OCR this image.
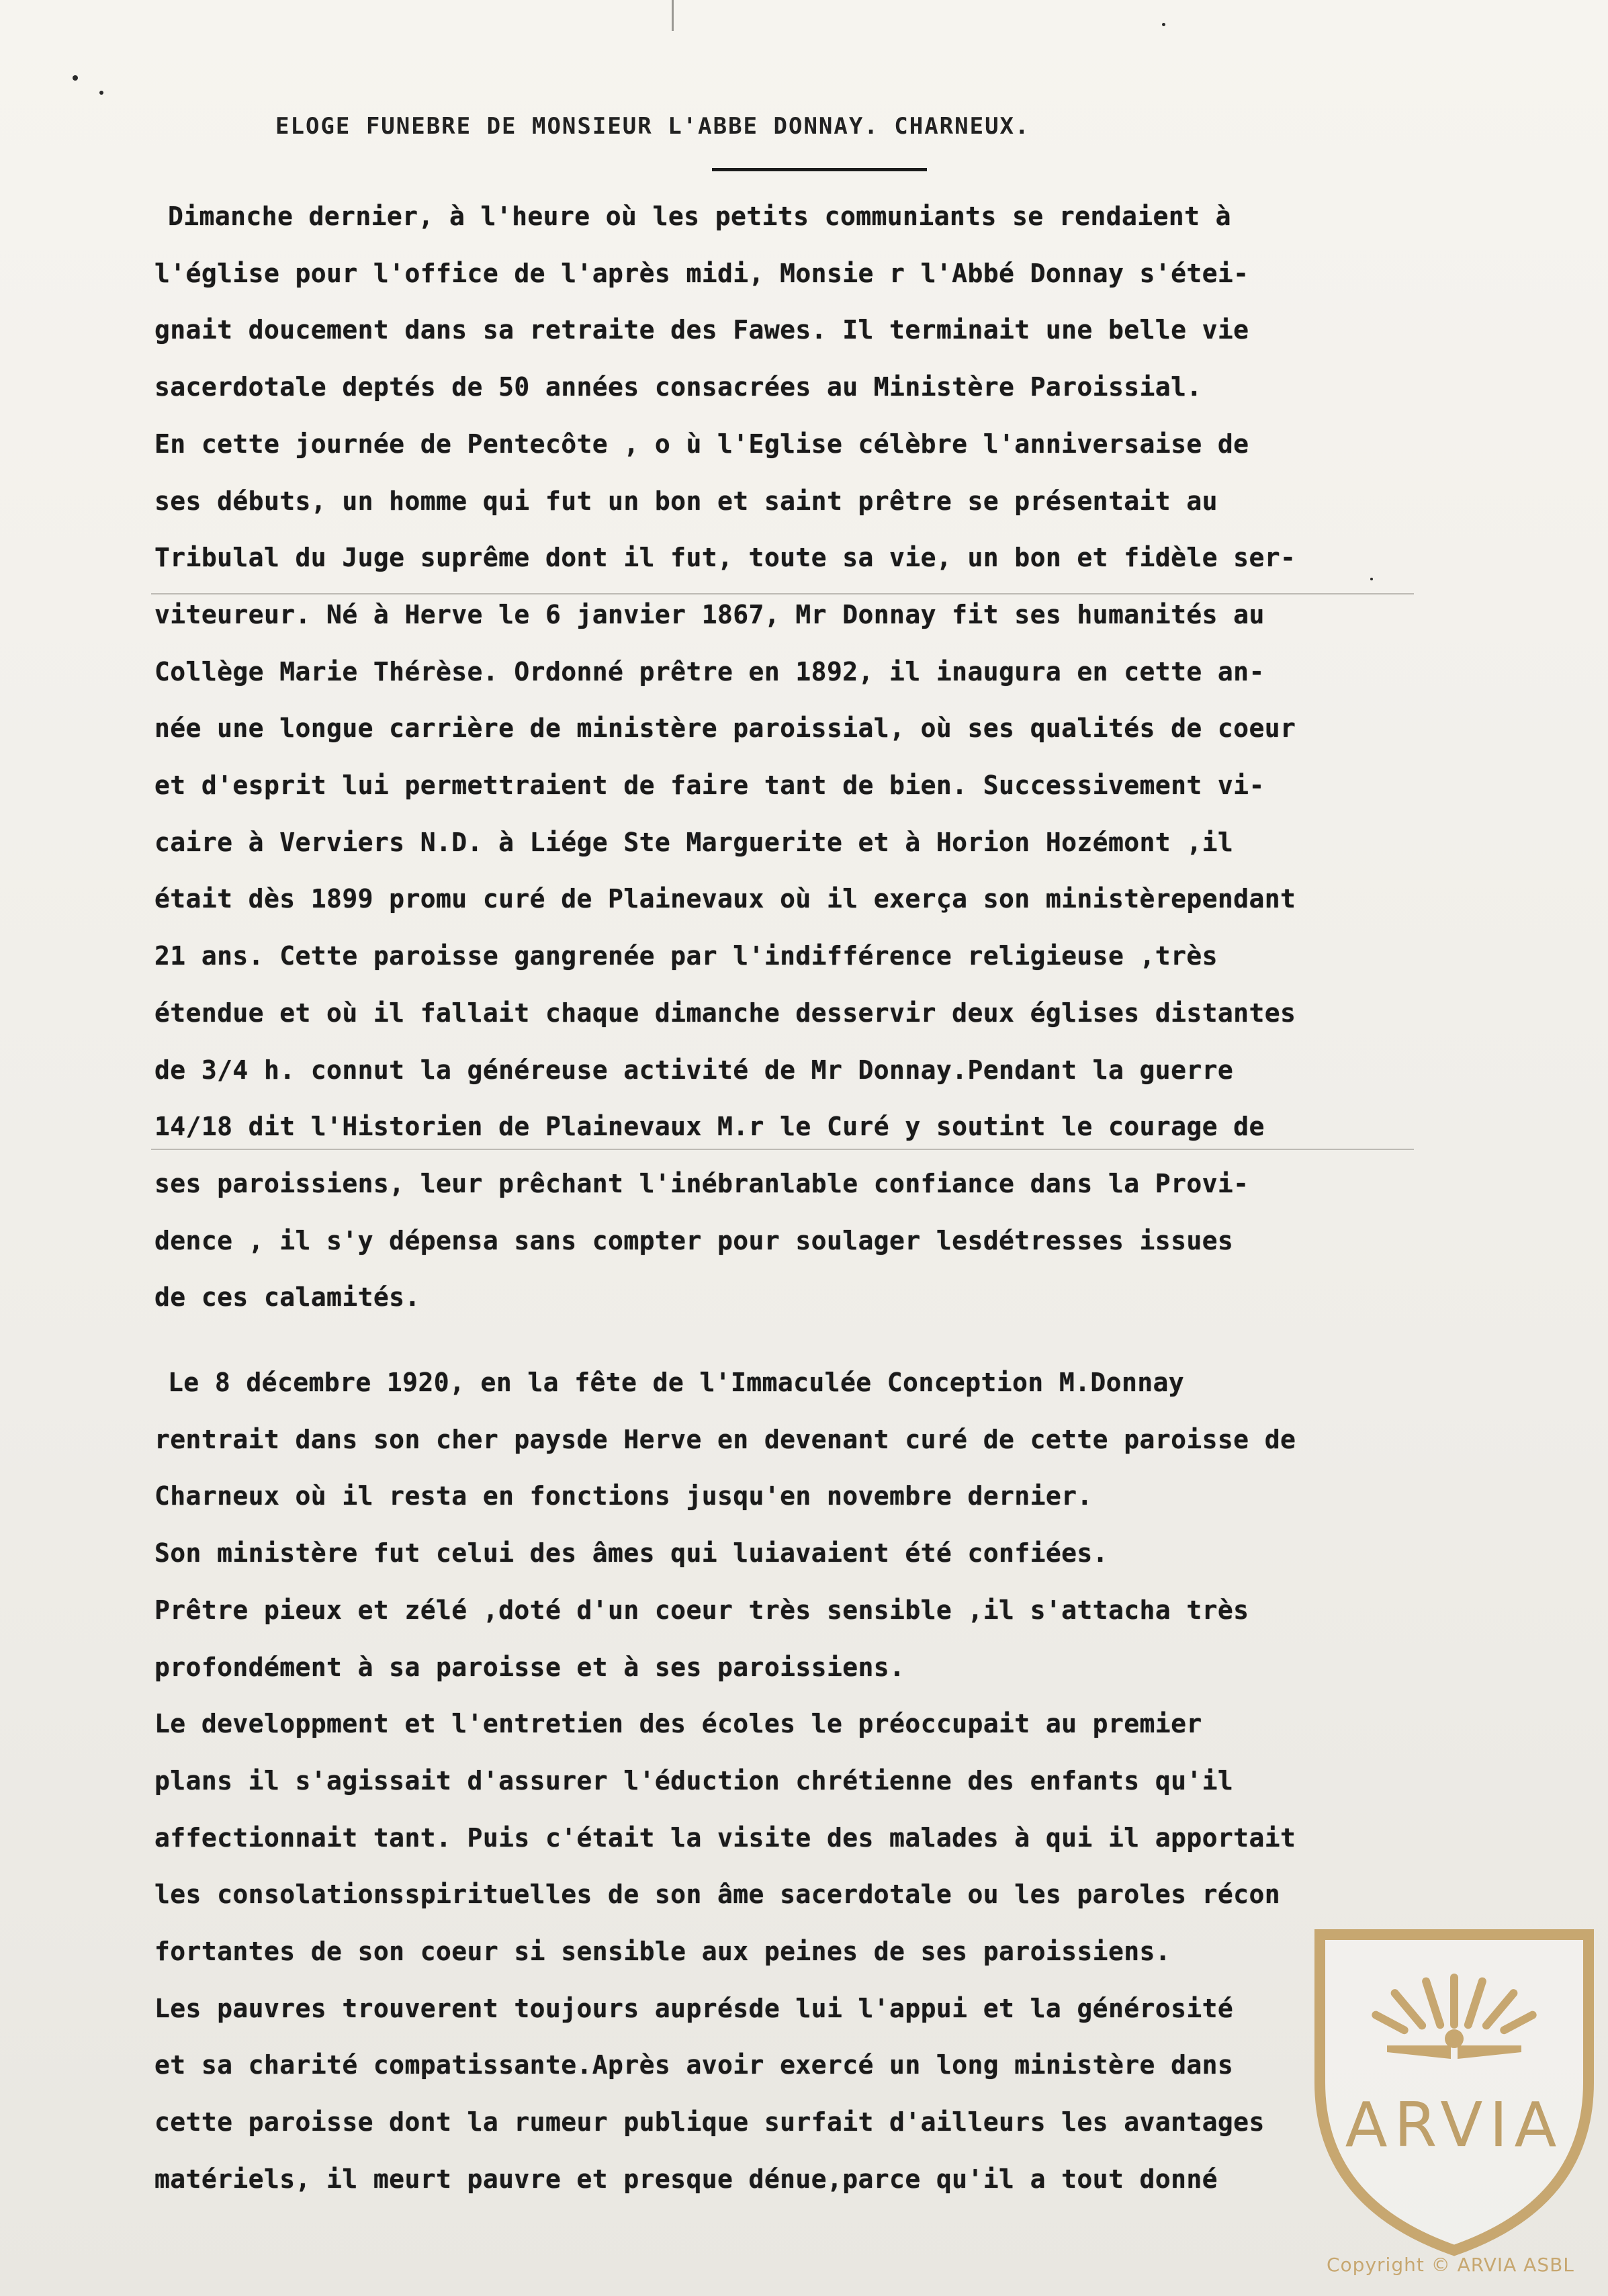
ELOGE FUNEBRE DE MONSIEUR L'ABBE DONNAY. CHARNEUX.
Dimanche dernier, à l'heure où les petits communiants se rendaient à
l'église pour l'office de l'après midi, Monsie r l'Abbé Donnay s'étei-
gnait doucement dans sa retraite des Fawes. Il terminait une belle vie
sacerdotale deptés de 50 années consacrées au Ministère Paroissial.
En cette journée de Pentecôte , o ù l'Eglise célèbre l'anniversaise de
ses débuts, un homme qui fut un bon et saint prêtre se présentait au
Tribulal du Juge suprême dont il fut, toute sa vie, un bon et fidèle ser-
viteureur. Né à Herve le 6 janvier 1867, Mr Donnay fit ses humanités au
Collège Marie Thérèse. Ordonné prêtre en 1892, il inaugura en cette an-
née une longue carrière de ministère paroissial, où ses qualités de coeur
et d'esprit lui permettraient de faire tant de bien. Successivement vi-
caire à Verviers N.D. à Liége Ste Marguerite et à Horion Hozémont ,il
était dès 1899 promu curé de Plainevaux où il exerça son ministèrependant
21 ans. Cette paroisse gangrenée par l'indifférence religieuse ,très
étendue et où il fallait chaque dimanche desservir deux églises distantes
de 3/4 h. connut la généreuse activité de Mr Donnay.Pendant la guerre
14/18 dit l'Historien de Plainevaux M.r le Curé y soutint le courage de
ses paroissiens, leur prêchant l'inébranlable confiance dans la Provi-
dence , il s'y dépensa sans compter pour soulager lesdétresses issues
de ces calamités.
Le 8 décembre 1920, en la fête de l'Immaculée Conception M.Donnay
rentrait dans son cher paysde Herve en devenant curé de cette paroisse de
Charneux où il resta en fonctions jusqu'en novembre dernier.
Son ministère fut celui des âmes qui luiavaient été confiées.
Prêtre pieux et zélé ,doté d'un coeur très sensible ,il s'attacha très
profondément à sa paroisse et à ses paroissiens.
Le developpment et l'entretien des écoles le préoccupait au premier
plans il s'agissait d'assurer l'éduction chrétienne des enfants qu'il
affectionnait tant. Puis c'était la visite des malades à qui il apportait
les consolationsspirituelles de son âme sacerdotale ou les paroles récon
fortantes de son coeur si sensible aux peines de ses paroissiens.
Les pauvres trouverent toujours auprésde lui l'appui et la générosité
et sa charité compatissante.Après avoir exercé un long ministère dans
cette paroisse dont la rumeur publique surfait d'ailleurs les avantages
matériels, il meurt pauvre et presque dénue,parce qu'il a tout donné
ARVIA
Copyright © ARVIA ASBL
